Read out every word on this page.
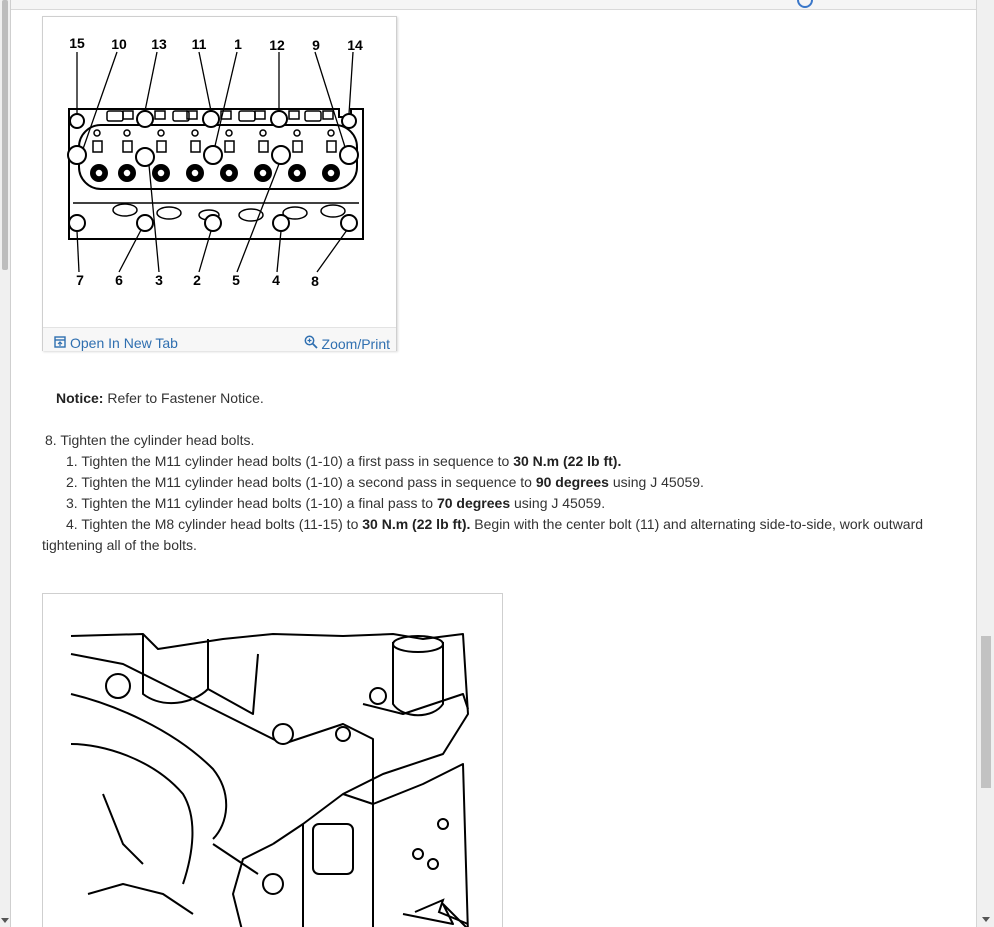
15 10 13 11 1 12 9 14
7 6 3 2 5 4 8
Open In New Tab	Zoom/Print
Notice: Refer to Fastener Notice.
8. Tighten the cylinder head bolts.
1. Tighten the M11 cylinder head bolts (1-10) a first pass in sequence to 30 N.m (22 lb ft).
2. Tighten the M11 cylinder head bolts (1-10) a second pass in sequence to 90 degrees using J 45059.
3. Tighten the M11 cylinder head bolts (1-10) a final pass to 70 degrees using J 45059.
4. Tighten the M8 cylinder head bolts (11-15) to 30 N.m (22 lb ft). Begin with the center bolt (11) and alternating side-to-side, work outward tightening all of the bolts.
